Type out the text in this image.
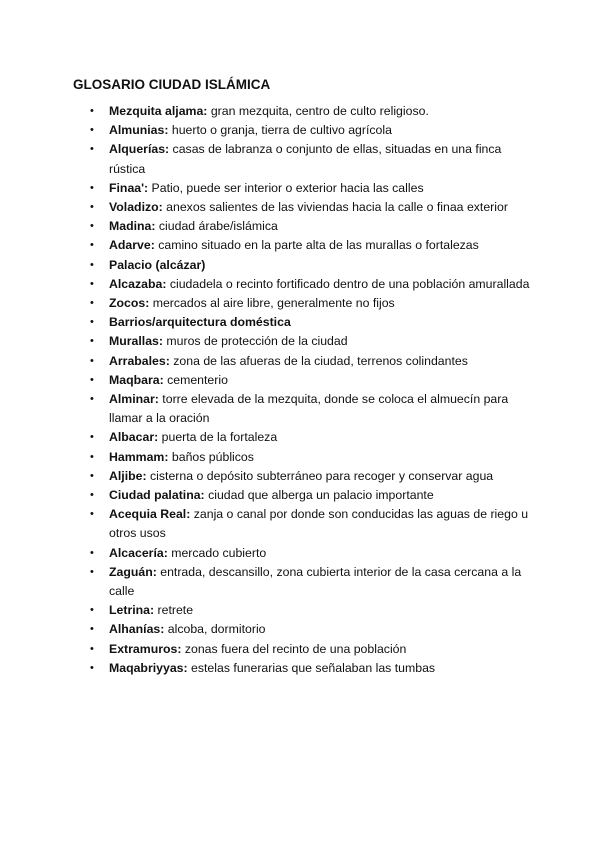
GLOSARIO CIUDAD ISLÁMICA
• Mezquita aljama: gran mezquita, centro de culto religioso.
• Almunias: huerto o granja, tierra de cultivo agrícola
• Alquerías: casas de labranza o conjunto de ellas, situadas en una finca rústica
• Finaa': Patio, puede ser interior o exterior hacia las calles
• Voladizo: anexos salientes de las viviendas hacia la calle o finaa exterior
• Madina: ciudad árabe/islámica
• Adarve: camino situado en la parte alta de las murallas o fortalezas
• Palacio (alcázar)
• Alcazaba: ciudadela o recinto fortificado dentro de una población amurallada
• Zocos: mercados al aire libre, generalmente no fijos
• Barrios/arquitectura doméstica
• Murallas: muros de protección de la ciudad
• Arrabales: zona de las afueras de la ciudad, terrenos colindantes
• Maqbara: cementerio
• Alminar: torre elevada de la mezquita, donde se coloca el almuecín para llamar a la oración
• Albacar: puerta de la fortaleza
• Hammam: baños públicos
• Aljibe: cisterna o depósito subterráneo para recoger y conservar agua
• Ciudad palatina: ciudad que alberga un palacio importante
• Acequia Real: zanja o canal por donde son conducidas las aguas de riego u otros usos
• Alcacería: mercado cubierto
• Zaguán: entrada, descansillo, zona cubierta interior de la casa cercana a la calle
• Letrina: retrete
• Alhanías: alcoba, dormitorio
• Extramuros: zonas fuera del recinto de una población
• Maqabriyyas: estelas funerarias que señalaban las tumbas
